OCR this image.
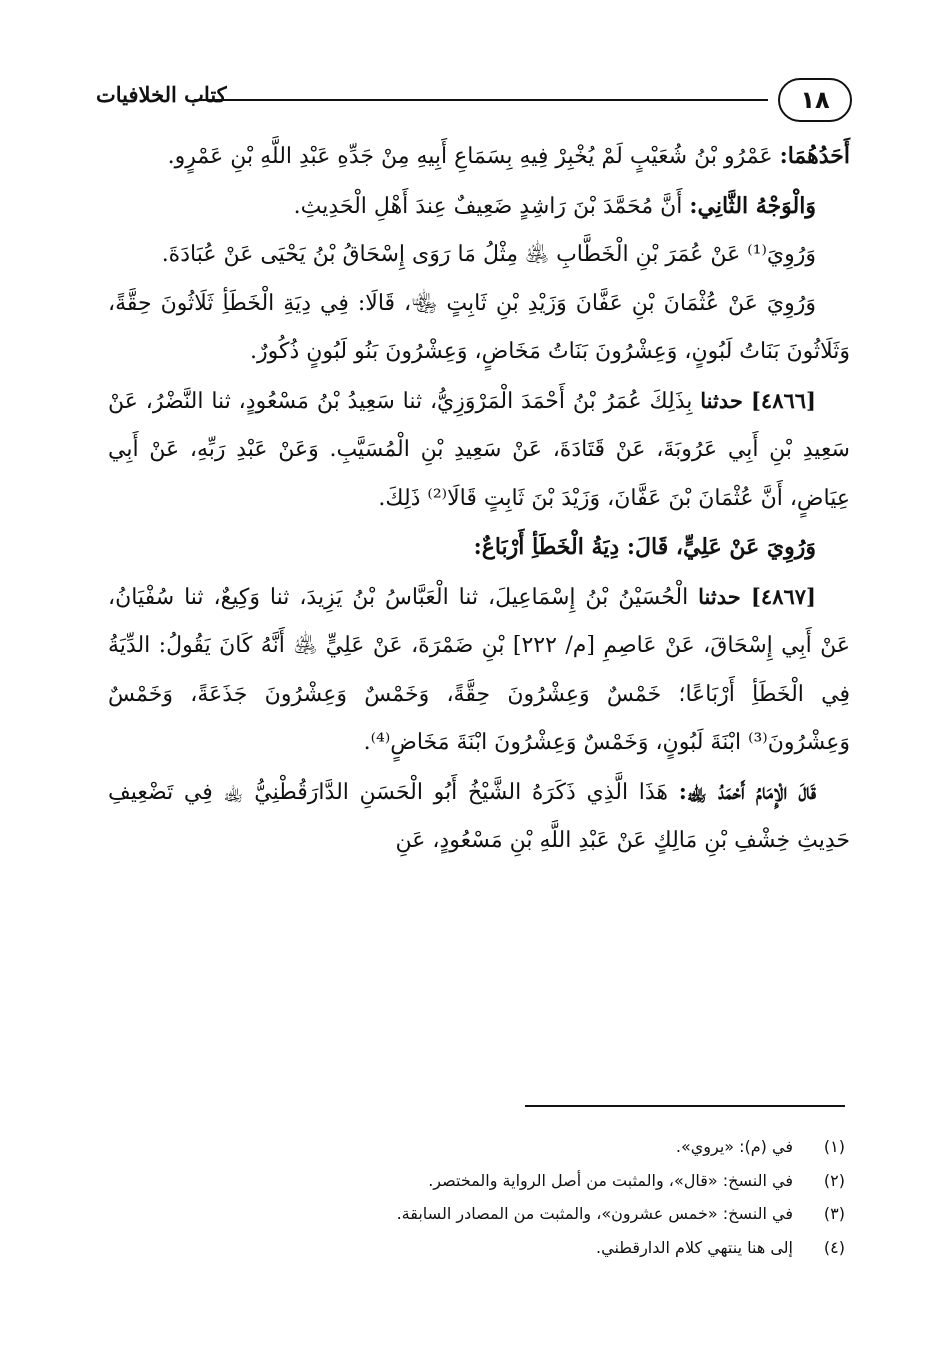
١٨
كتاب الخلافيات

أَحَدُهُمَا: عَمْرُو بْنُ شُعَيْبٍ لَمْ يُخْبِرْ فِيهِ بِسَمَاعِ أَبِيهِ مِنْ جَدِّهِ عَبْدِ اللَّهِ بْنِ عَمْرٍو.

وَالْوَجْهُ الثَّانِي: أَنَّ مُحَمَّدَ بْنَ رَاشِدٍ ضَعِيفٌ عِندَ أَهْلِ الْحَدِيثِ.

وَرُوِيَ⁽¹⁾ عَنْ عُمَرَ بْنِ الْخَطَّابِ ﵁ مِثْلُ مَا رَوَى إِسْحَاقُ بْنُ يَحْيَى عَنْ عُبَادَةَ.

وَرُوِيَ عَنْ عُثْمَانَ بْنِ عَفَّانَ وَزَيْدِ بْنِ ثَابِتٍ ﵄، قَالَا: فِي دِيَةِ الْخَطَأِ ثَلَاثُونَ حِقَّةً، وَثَلَاثُونَ بَنَاتُ لَبُونٍ، وَعِشْرُونَ بَنَاتُ مَخَاضٍ، وَعِشْرُونَ بَنُو لَبُونٍ ذُكُورٌ.

[٤٨٦٦] حدثنا بِذَلِكَ عُمَرُ بْنُ أَحْمَدَ الْمَرْوَزِيُّ، ثنا سَعِيدُ بْنُ مَسْعُودٍ، ثنا النَّضْرُ، عَنْ سَعِيدِ بْنِ أَبِي عَرُوبَةَ، عَنْ قَتَادَةَ، عَنْ سَعِيدِ بْنِ الْمُسَيَّبِ. وَعَنْ عَبْدِ رَبِّهِ، عَنْ أَبِي عِيَاضٍ، أَنَّ عُثْمَانَ بْنَ عَفَّانَ، وَزَيْدَ بْنَ ثَابِتٍ قَالَا⁽²⁾ ذَلِكَ.

وَرُوِيَ عَنْ عَلِيٍّ، قَالَ: دِيَةُ الْخَطَأِ أَرْبَاعٌ:

[٤٨٦٧] حدثنا الْحُسَيْنُ بْنُ إِسْمَاعِيلَ، ثنا الْعَبَّاسُ بْنُ يَزِيدَ، ثنا وَكِيعٌ، ثنا سُفْيَانُ، عَنْ أَبِي إِسْحَاقَ، عَنْ عَاصِمِ [م/ ٢٢٢] بْنِ ضَمْرَةَ، عَنْ عَلِيٍّ ﵁ أَنَّهُ كَانَ يَقُولُ: الدِّيَةُ فِي الْخَطَأِ أَرْبَاعًا؛ خَمْسٌ وَعِشْرُونَ حِقَّةً، وَخَمْسٌ وَعِشْرُونَ جَذَعَةً، وَخَمْسٌ وَعِشْرُونَ⁽³⁾ ابْنَةَ لَبُونٍ، وَخَمْسٌ وَعِشْرُونَ ابْنَةَ مَخَاضٍ⁽⁴⁾.

قَالَ الْإِمَامُ أَحْمَدُ ﵀: هَذَا الَّذِي ذَكَرَهُ الشَّيْخُ أَبُو الْحَسَنِ الدَّارَقُطْنِيُّ ﵀ فِي تَضْعِيفِ حَدِيثِ خِشْفِ بْنِ مَالِكٍ عَنْ عَبْدِ اللَّهِ بْنِ مَسْعُودٍ، عَنِ

(١)
في (م): «يروي».
(٢)
في النسخ: «قال»، والمثبت من أصل الرواية والمختصر.
(٣)
في النسخ: «خمس عشرون»، والمثبت من المصادر السابقة.
(٤)
إلى هنا ينتهي كلام الدارقطني.
